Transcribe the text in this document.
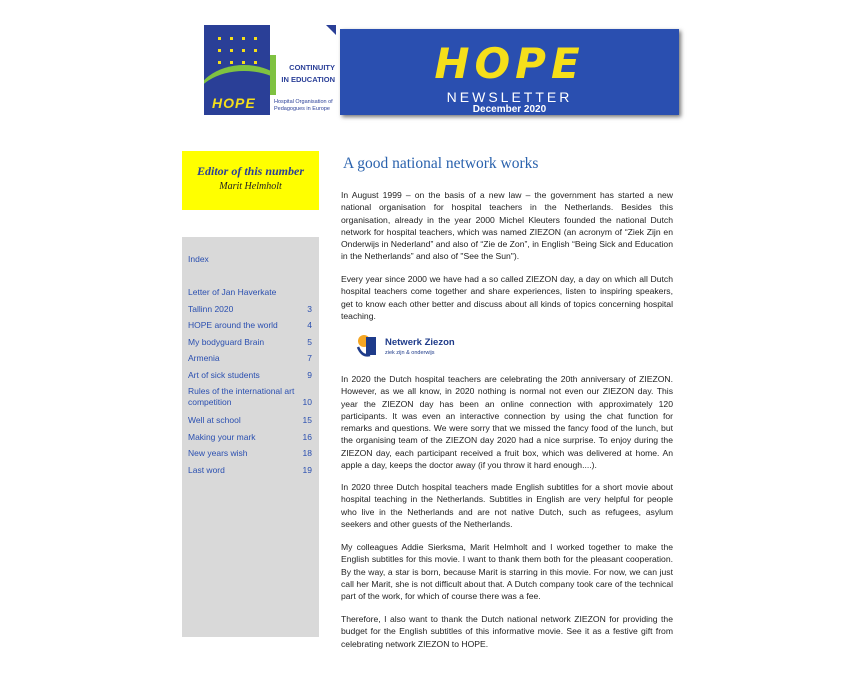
HOPE
CONTINUITY
IN EDUCATION
Hospital Organisation of Pedagogues in Europe
HOPE
NEWSLETTER
December 2020
Editor of this number
Marit Helmholt
Index
Letter of Jan Haverkate
Tallinn 2020	3
HOPE around the world	4
My bodyguard Brain	5
Armenia	7
Art of sick students	9
Rules of the international art competition	10
Well at school	15
Making your mark	16
New years wish	18
Last word	19
A good national network works

In August 1999 – on the basis of a new law – the government has started a new national organisation for hospital teachers in the Netherlands. Besides this organisation, already in the year 2000 Michel Kleuters founded the national Dutch network for hospital teachers, which was named ZIEZON (an acronym of “Ziek Zijn en Onderwijs in Nederland” and also of “Zie de Zon”, in English “Being Sick and Education in the Netherlands” and also of "See the Sun").

Every year since 2000 we have had a so called ZIEZON day, a day on which all Dutch hospital teachers come together and share experiences, listen to inspiring speakers, get to know each other better and discuss about all kinds of topics concerning hospital teaching.

Netwerk Ziezon
ziek zijn & onderwijs

In 2020 the Dutch hospital teachers are celebrating the 20th anniversary of ZIEZON. However, as we all know, in 2020 nothing is normal not even our ZIEZON day. This year the ZIEZON day has been an online connection with approximately 120 participants. It was even an interactive connection by using the chat function for remarks and questions. We were sorry that we missed the fancy food of the lunch, but the organising team of the ZIEZON day 2020 had a nice surprise. To enjoy during the ZIEZON day, each participant received a fruit box, which was delivered at home. An apple a day, keeps the doctor away (if you throw it hard enough....).

In 2020 three Dutch hospital teachers made English subtitles for a short movie about hospital teaching in the Netherlands. Subtitles in English are very helpful for people who live in the Netherlands and are not native Dutch, such as refugees, asylum seekers and other guests of the Netherlands.

My colleagues Addie Sierksma, Marit Helmholt and I worked together to make the English subtitles for this movie. I want to thank them both for the pleasant cooperation. By the way, a star is born, because Marit is starring in this movie. For now, we can just call her Marit, she is not difficult about that. A Dutch company took care of the technical part of the work, for which of course there was a fee.

Therefore, I also want to thank the Dutch national network ZIEZON for providing the budget for the English subtitles of this informative movie. See it as a festive gift from celebrating network ZIEZON to HOPE.
